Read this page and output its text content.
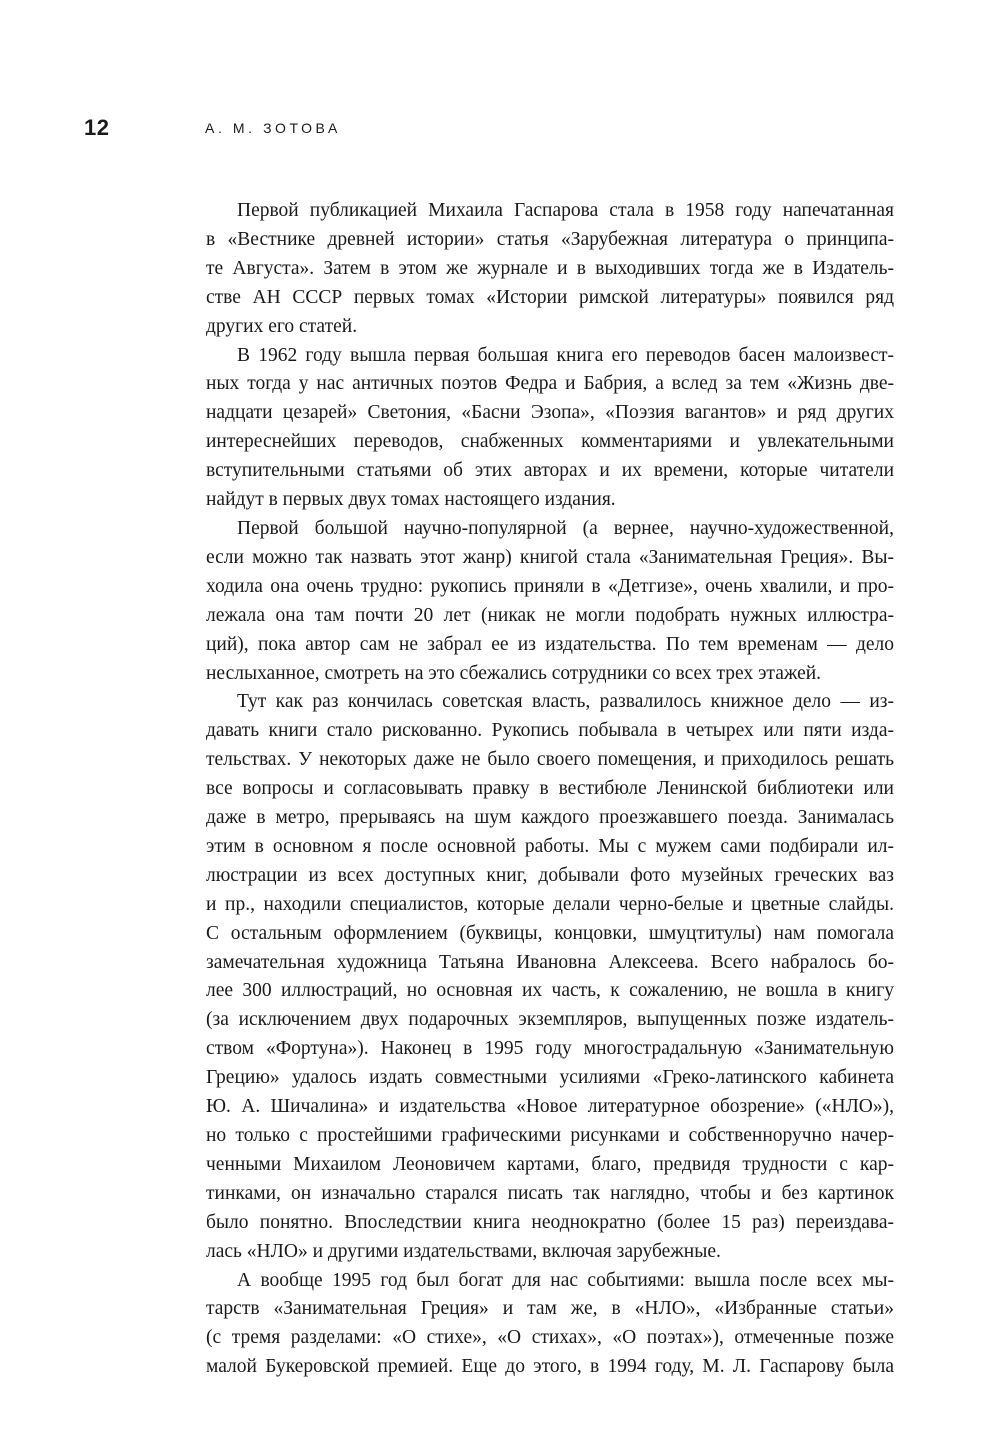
12	А. М. ЗОТОВА
Первой публикацией Михаила Гаспарова стала в 1958 году напечатанная
в «Вестнике древней истории» статья «Зарубежная литература о принципа-
те Августа». Затем в этом же журнале и в выходивших тогда же в Издатель-
стве АН СССР первых томах «Истории римской литературы» появился ряд
других его статей.
В 1962 году вышла первая большая книга его переводов басен малоизвест-
ных тогда у нас античных поэтов Федра и Бабрия, а вслед за тем «Жизнь две-
надцати цезарей» Светония, «Басни Эзопа», «Поэзия вагантов» и ряд других
интереснейших переводов, снабженных комментариями и увлекательными
вступительными статьями об этих авторах и их времени, которые читатели
найдут в первых двух томах настоящего издания.
Первой большой научно-популярной (а вернее, научно-художественной,
если можно так назвать этот жанр) книгой стала «Занимательная Греция». Вы-
ходила она очень трудно: рукопись приняли в «Детгизе», очень хвалили, и про-
лежала она там почти 20 лет (никак не могли подобрать нужных иллюстра-
ций), пока автор сам не забрал ее из издательства. По тем временам — дело
неслыханное, смотреть на это сбежались сотрудники со всех трех этажей.
Тут как раз кончилась советская власть, развалилось книжное дело — из-
давать книги стало рискованно. Рукопись побывала в четырех или пяти изда-
тельствах. У некоторых даже не было своего помещения, и приходилось решать
все вопросы и согласовывать правку в вестибюле Ленинской библиотеки или
даже в метро, прерываясь на шум каждого проезжавшего поезда. Занималась
этим в основном я после основной работы. Мы с мужем сами подбирали ил-
люстрации из всех доступных книг, добывали фото музейных греческих ваз
и пр., находили специалистов, которые делали черно-белые и цветные слайды.
С остальным оформлением (буквицы, концовки, шмуцтитулы) нам помогала
замечательная художница Татьяна Ивановна Алексеева. Всего набралось бо-
лее 300 иллюстраций, но основная их часть, к сожалению, не вошла в книгу
(за исключением двух подарочных экземпляров, выпущенных позже издатель-
ством «Фортуна»). Наконец в 1995 году многострадальную «Занимательную
Грецию» удалось издать совместными усилиями «Греко-латинского кабинета
Ю. А. Шичалина» и издательства «Новое литературное обозрение» («НЛО»),
но только с простейшими графическими рисунками и собственноручно начер-
ченными Михаилом Леоновичем картами, благо, предвидя трудности с кар-
тинками, он изначально старался писать так наглядно, чтобы и без картинок
было понятно. Впоследствии книга неоднократно (более 15 раз) переиздава-
лась «НЛО» и другими издательствами, включая зарубежные.
А вообще 1995 год был богат для нас событиями: вышла после всех мы-
тарств «Занимательная Греция» и там же, в «НЛО», «Избранные статьи»
(с тремя разделами: «О стихе», «О стихах», «О поэтах»), отмеченные позже
малой Букеровской премией. Еще до этого, в 1994 году, М. Л. Гаспарову была
